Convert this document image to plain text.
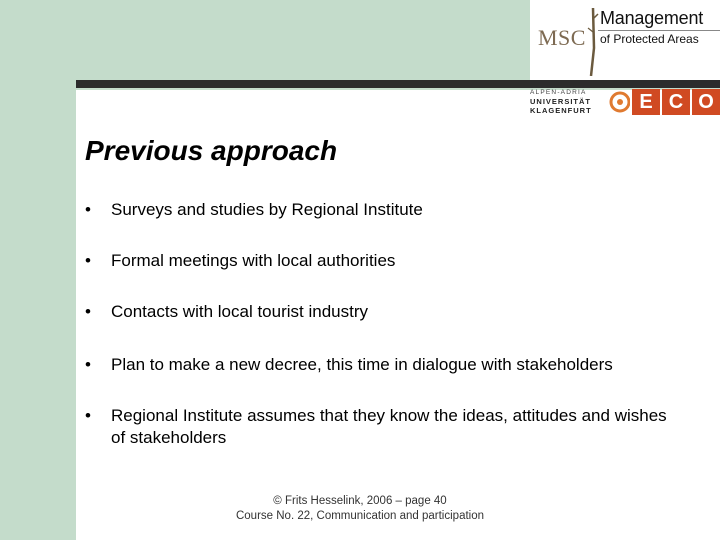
MSC
Management
of Protected Areas
ALPEN-ADRIA
UNIVERSITÄT
KLAGENFURT	E C O
Previous approach
•	Surveys and studies by Regional Institute
•	Formal meetings with local authorities
•	Contacts with local tourist industry
•	Plan to make a new decree, this time in dialogue with stakeholders
•	Regional Institute assumes that they know the ideas, attitudes and wishes of stakeholders
© Frits Hesselink, 2006 – page 40
Course No. 22, Communication and participation
